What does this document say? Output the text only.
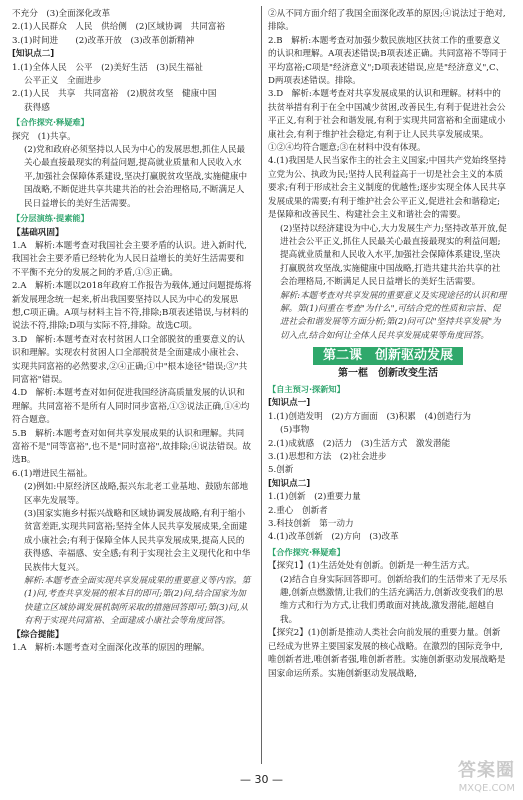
不充分　(3)全面深化改革

2.(1)人民群众　人民　供给侧　(2)区域协调　共同富裕

3.(1)时间进　　(2)改革开放　(3)改革创新精神

[知识点二]

1.(1)全体人民　公平　(2)美好生活　(3)民生福祉

公平正义　全面进步

2.(1)人民　共享　共同富裕　(2)脱贫攻坚　健康中国

获得感

【合作探究·释疑难】

探究　(1)共享。

(2)党和政府必须坚持以人民为中心的发展思想,抓住人民最关心最直接最现实的利益问题,提高就业质量和人民收入水平,加强社会保障体系建设,坚决打赢脱贫攻坚战,实施健康中国战略,不断促进共享共建共治的社会治理格局,不断满足人民日益增长的美好生活需要。

【分层演练·提素能】

【基础巩固】

1.A　解析:本题考查对我国社会主要矛盾的认识。进入新时代,我国社会主要矛盾已经转化为人民日益增长的美好生活需要和不平衡不充分的发展之间的矛盾,①③正确。

2.A　解析:本题以2018年政府工作报告为载体,通过问题提炼将新发展理念统一起来,析出我国要坚持以人民为中心的发展思想,C项正确。A项与材料主旨不符,排除;B项表述错误,与材料的说法不符,排除;D项与实际不符,排除。故选C项。

3.D　解析:本题考查对农村贫困人口全部脱贫的重要意义的认识和理解。实现农村贫困人口全部脱贫是全面建成小康社会、实现共同富裕的必然要求,②④正确;①中"根本途径"错误;③"共同富裕"错误。

4.D　解析:本题考查对如何促进我国经济高质量发展的认识和理解。共同富裕不是所有人同时同步富裕,①③说法正确,①④均符合题意。

5.B　解析:本题考查对如何共享发展成果的认识和理解。共同富裕不是"同等富裕",也不是"同时富裕",故排除;④说法错误。故选B。

6.(1)增进民生福祉。

(2)例如:中原经济区战略,振兴东北老工业基地、鼓励东部地区率先发展等。

(3)国家实施乡村振兴战略和区域协调发展战略,有利于缩小贫富差距,实现共同富裕;坚持全体人民共享发展成果,全面建成小康社会;有利于保障全体人民共享发展成果,提高人民的获得感、幸福感、安全感;有利于实现社会主义现代化和中华民族伟大复兴。

解析:本题考查全面实现共享发展成果的重要意义等内容。第(1)问,考查共享发展的根本目的即可;第(2)问,结合国家为加快建立区域协调发展机制所采取的措施回答即可;第(3)问,从有利于实现共同富裕、全面建成小康社会等角度回答。

【综合提能】

1.A　解析:本题考查对全面深化改革的原因的理解。

②从不同方面介绍了我国全面深化改革的原因;④说法过于绝对,排除。

2.B　解析:本题考查对加强少数民族地区扶贫工作的重要意义的认识和理解。A项表述错误;B项表述正确。共同富裕不等同于平均富裕;C项是"经济意义";D项表述错误,应是"经济意义",C、D两项表述错误。排除。

3.D　解析:本题考查对共享发展成果的认识和理解。材料中的扶贫举措有利于在全中国减少贫困,改善民生,有利于促进社会公平正义,有利于社会和谐发展,有利于实现共同富裕和全面建成小康社会,有利于维护社会稳定,有利于让人民共享发展成果。①②④均符合题意;③在材料中没有体现。

4.(1)我国是人民当家作主的社会主义国家;中国共产党始终坚持立党为公、执政为民;坚持人民利益高于一切是社会主义的本质要求;有利于形成社会主义制度的优越性;逐步实现全体人民共享发展成果的需要;有利于维护社会公平正义,促进社会和谐稳定;是保障和改善民生、构建社会主义和谐社会的需要。

(2)坚持以经济建设为中心,大力发展生产力;坚持改革开放,促进社会公平正义,抓住人民最关心最直接最现实的利益问题;提高就业质量和人民收入水平,加强社会保障体系建设,坚决打赢脱贫攻坚战,实施健康中国战略,打造共建共治共享的社会治理格局,不断满足人民日益增长的美好生活需要。

解析:本题考查对共享发展的重要意义及实现途径的认识和理解。第(1)问重在考查"为什么",可结合党的性质和宗旨、促进社会和谐发展等方面分析;第(2)问可以"坚持共享发展"为切入点,结合如何让全体人民共享发展成果等角度回答。

第二课　创新驱动发展

第一框　创新改变生活

【自主预习·探新知】

[知识点一]

1.(1)创造发明　(2)方方面面　(3)积累　(4)创造行为

(5)事物

2.(1)成就感　(2)活力　(3)生活方式　激发潜能

3.(1)思想和方法　(2)社会进步

5.创新

[知识点二]

1.(1)创新　(2)重要力量

2.重心　创新者

3.科技创新　第一动力

4.(1)改革创新　(2)方向　(3)改革

【合作探究·释疑难】

【探究1】(1)生活处处有创新。创新是一种生活方式。

(2)结合自身实际回答即可。创新给我们的生活带来了无尽乐趣,创新点燃激情,让我们的生活充满活力,创新改变我们的思维方式和行为方式,让我们勇敢面对挑战,激发潜能,超越自我。

【探究2】(1)创新是推动人类社会向前发展的重要力量。创新已经成为世界主要国家发展的核心战略。在激烈的国际竞争中,唯创新者进,唯创新者强,唯创新者胜。实施创新驱动发展战略是国家命运所系。实施创新驱动发展战略,

— 30 —	答案圈
MXQE.COM
